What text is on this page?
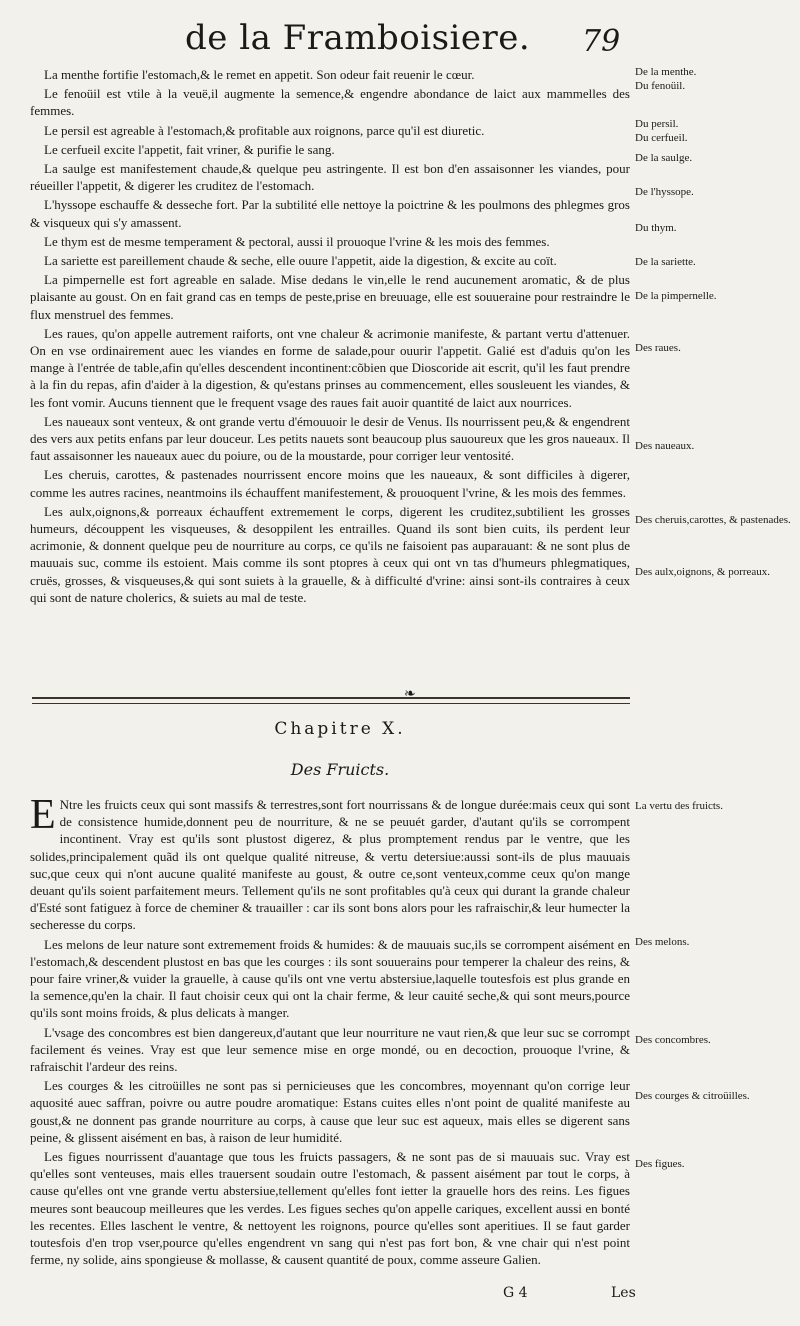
de la Framboisiere. 79

La menthe fortifie l'estomach,& le remet en appetit. Son odeur fait reuenir le cœur.

Le fenoüil est vtile à la veuë,il augmente la semence,& engendre abondance de laict aux mammelles des femmes.

Le persil est agreable à l'estomach,& profitable aux roignons, parce qu'il est diuretic.

Le cerfueil excite l'appetit, fait vriner, & purifie le sang.

La saulge est manifestement chaude,& quelque peu astringente. Il est bon d'en assaisonner les viandes, pour réueiller l'appetit, & digerer les cruditez de l'estomach.

L'hyssope eschauffe & desseche fort. Par la subtilité elle nettoye la poictrine & les poulmons des phlegmes gros & visqueux qui s'y amassent.

Le thym est de mesme temperament & pectoral, aussi il prouoque l'vrine & les mois des femmes.

La sariette est pareillement chaude & seche, elle ouure l'appetit, aide la digestion, & excite au coït.

La pimpernelle est fort agreable en salade. Mise dedans le vin,elle le rend aucunement aromatic, & de plus plaisante au goust. On en fait grand cas en temps de peste,prise en breuuage, elle est souueraine pour restraindre le flux menstruel des femmes.

Les raues, qu'on appelle autrement raiforts, ont vne chaleur & acrimonie manifeste, & partant vertu d'attenuer. On en vse ordinairement auec les viandes en forme de salade,pour ouurir l'appetit. Galié est d'aduis qu'on les mange à l'entrée de table,afin qu'elles descendent incontinent:cõbien que Dioscoride ait escrit, qu'il les faut prendre à la fin du repas, afin d'aider à la digestion, & qu'estans prinses au commencement, elles sousleuent les viandes, & les font vomir. Aucuns tiennent que le frequent vsage des raues fait auoir quantité de laict aux nourrices.

Les naueaux sont venteux, & ont grande vertu d'émouuoir le desir de Venus. Ils nourrissent peu,& & engendrent des vers aux petits enfans par leur douceur. Les petits nauets sont beaucoup plus sauoureux que les gros naueaux. Il faut assaisonner les naueaux auec du poiure, ou de la moustarde, pour corriger leur ventosité.

Les cheruis, carottes, & pastenades nourrissent encore moins que les naueaux, & sont difficiles à digerer, comme les autres racines, neantmoins ils échauffent manifestement, & prouoquent l'vrine, & les mois des femmes.

Les aulx,oignons,& porreaux échauffent extremement le corps, digerent les cruditez,subtilient les grosses humeurs, découppent les visqueuses, & desoppilent les entrailles. Quand ils sont bien cuits, ils perdent leur acrimonie, & donnent quelque peu de nourriture au corps, ce qu'ils ne faisoient pas auparauant: & ne sont plus de mauuais suc, comme ils estoient. Mais comme ils sont ptopres à ceux qui ont vn tas d'humeurs phlegmatiques, cruës, grosses, & visqueuses,& qui sont suiets à la grauelle, & à difficulté d'vrine: ainsi sont-ils contraires à ceux qui sont de nature cholerics, & suiets au mal de teste.

De la menthe.
Du fenoüil.
Du persil.
Du cerfueil.
De la saulge.
De l'hyssope.
Du thym.
De la sariette.
De la pimpernelle.
Des raues.
Des naueaux.
Des cheruis,carottes, & pastenades.
Des aulx,oignons, & porreaux.
❧
Chapitre X.
Des Fruicts.

E Ntre les fruicts ceux qui sont massifs & terrestres,sont fort nourrissans & de longue durée:mais ceux qui sont de consistence humide,donnent peu de nourriture, & ne se peuuét garder, d'autant qu'ils se corrompent incontinent. Vray est qu'ils sont plustost digerez, & plus promptement rendus par le ventre, que les solides,principalement quãd ils ont quelque qualité nitreuse, & vertu detersiue:aussi sont-ils de plus mauuais suc,que ceux qui n'ont aucune qualité manifeste au goust, & outre ce,sont venteux,comme ceux qu'on mange deuant qu'ils soient parfaitement meurs. Tellement qu'ils ne sont profitables qu'à ceux qui durant la grande chaleur d'Esté sont fatiguez à force de cheminer & trauailler : car ils sont bons alors pour les rafraischir,& leur humecter la secheresse du corps.

Les melons de leur nature sont extremement froids & humides: & de mauuais suc,ils se corrompent aisément en l'estomach,& descendent plustost en bas que les courges : ils sont souuerains pour temperer la chaleur des reins, & pour faire vriner,& vuider la grauelle, à cause qu'ils ont vne vertu abstersiue,laquelle toutesfois est plus grande en la semence,qu'en la chair. Il faut choisir ceux qui ont la chair ferme, & leur cauité seche,& qui sont meurs,pource qu'ils sont moins froids, & plus delicats à manger.

L'vsage des concombres est bien dangereux,d'autant que leur nourriture ne vaut rien,& que leur suc se corrompt facilement és veines. Vray est que leur semence mise en orge mondé, ou en decoction, prouoque l'vrine, & rafraischit l'ardeur des reins.

Les courges & les citroüilles ne sont pas si pernicieuses que les concombres, moyennant qu'on corrige leur aquosité auec saffran, poivre ou autre poudre aromatique: Estans cuites elles n'ont point de qualité manifeste au goust,& ne donnent pas grande nourriture au corps, à cause que leur suc est aqueux, mais elles se digerent sans peine, & glissent aisément en bas, à raison de leur humidité.

Les figues nourrissent d'auantage que tous les fruicts passagers, & ne sont pas de si mauuais suc. Vray est qu'elles sont venteuses, mais elles trauersent soudain outre l'estomach, & passent aisément par tout le corps, à cause qu'elles ont vne grande vertu abstersiue,tellement qu'elles font ietter la grauelle hors des reins. Les figues meures sont beaucoup meilleures que les verdes. Les figues seches qu'on appelle cariques, excellent aussi en bonté les recentes. Elles laschent le ventre, & nettoyent les roignons, pource qu'elles sont aperitiues. Il se faut garder toutesfois d'en trop vser,pource qu'elles engendrent vn sang qui n'est pas fort bon, & vne chair qui n'est point ferme, ny solide, ains spongieuse & mollasse, & causent quantité de poux, comme asseure Galien.

La vertu des fruicts.
Des melons.
Des concombres.
Des courges & citroüilles.
Des figues.
G 4	Les
